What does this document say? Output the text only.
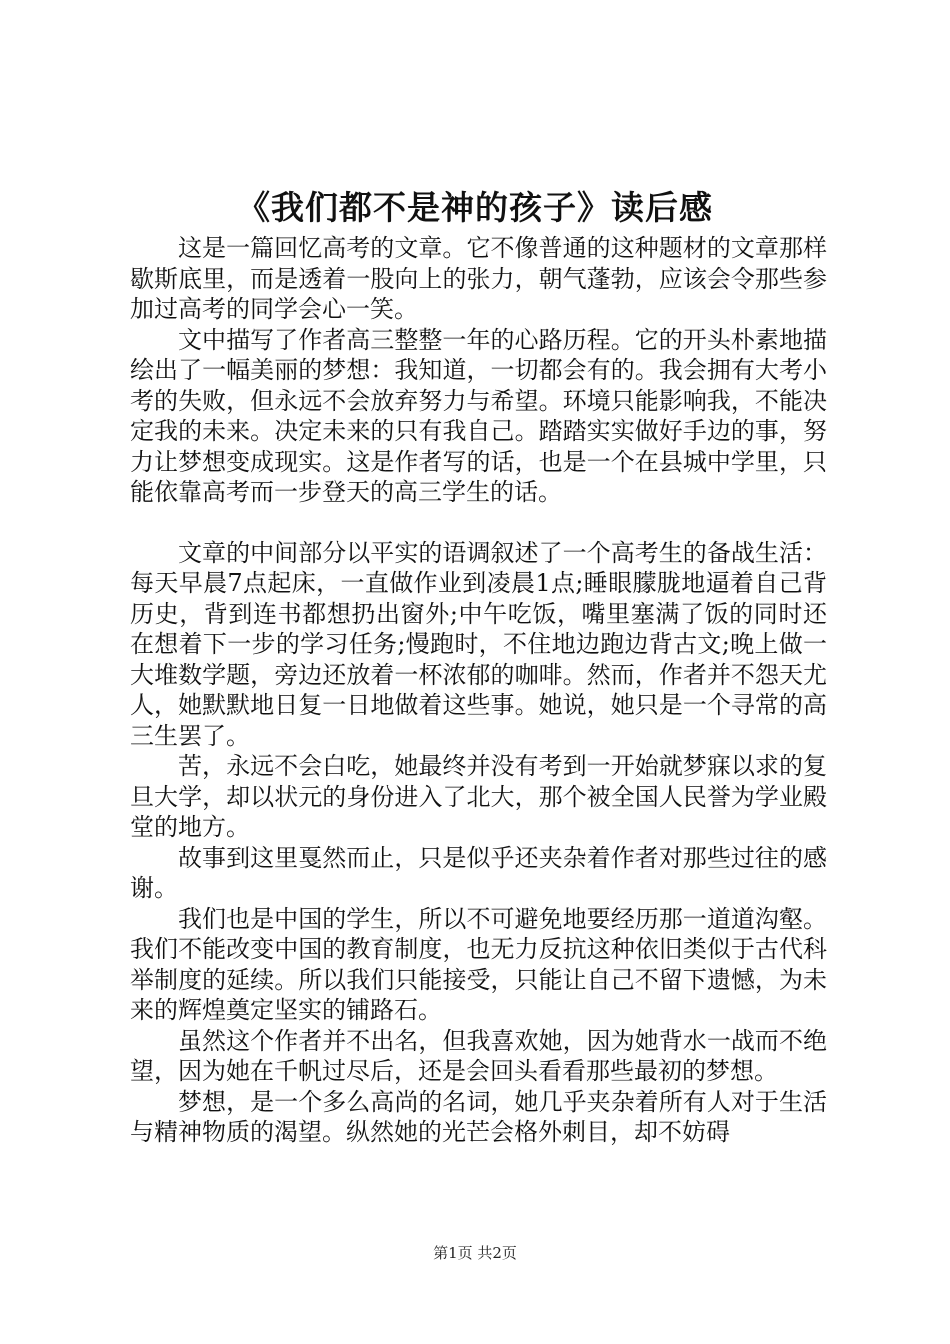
《我们都不是神的孩子》读后感

这是一篇回忆高考的文章。它不像普通的这种题材的文章那样歇斯底里，而是透着一股向上的张力，朝气蓬勃，应该会令那些参加过高考的同学会心一笑。

文中描写了作者高三整整一年的心路历程。它的开头朴素地描绘出了一幅美丽的梦想：我知道，一切都会有的。我会拥有大考小考的失败，但永远不会放弃努力与希望。环境只能影响我，不能决定我的未来。决定未来的只有我自己。踏踏实实做好手边的事，努力让梦想变成现实。这是作者写的话，也是一个在县城中学里，只能依靠高考而一步登天的高三学生的话。

文章的中间部分以平实的语调叙述了一个高考生的备战生活：每天早晨7点起床，一直做作业到凌晨1点;睡眼朦胧地逼着自己背历史，背到连书都想扔出窗外;中午吃饭，嘴里塞满了饭的同时还在想着下一步的学习任务;慢跑时，不住地边跑边背古文;晚上做一大堆数学题，旁边还放着一杯浓郁的咖啡。然而，作者并不怨天尤人，她默默地日复一日地做着这些事。她说，她只是一个寻常的高三生罢了。

苦，永远不会白吃，她最终并没有考到一开始就梦寐以求的复旦大学，却以状元的身份进入了北大，那个被全国人民誉为学业殿堂的地方。

故事到这里戛然而止，只是似乎还夹杂着作者对那些过往的感谢。

我们也是中国的学生，所以不可避免地要经历那一道道沟壑。我们不能改变中国的教育制度，也无力反抗这种依旧类似于古代科举制度的延续。所以我们只能接受，只能让自己不留下遗憾，为未来的辉煌奠定坚实的铺路石。

虽然这个作者并不出名，但我喜欢她，因为她背水一战而不绝望，因为她在千帆过尽后，还是会回头看看那些最初的梦想。

梦想，是一个多么高尚的名词，她几乎夹杂着所有人对于生活与精神物质的渴望。纵然她的光芒会格外刺目，却不妨碍

第1页 共2页
